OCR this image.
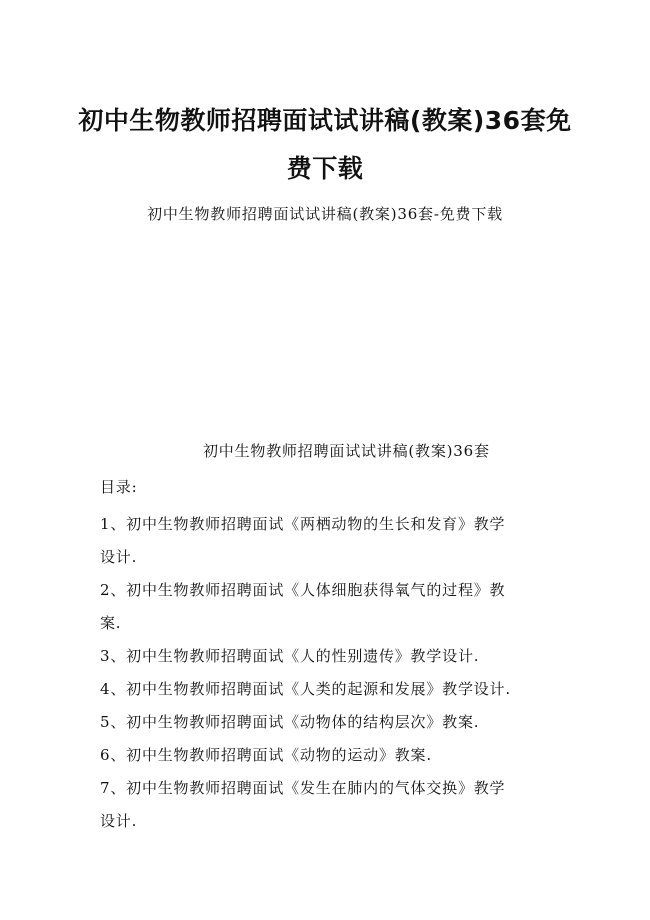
初中生物教师招聘面试试讲稿(教案)36套免
费下载

初中生物教师招聘面试试讲稿(教案)36套-免费下载

初中生物教师招聘面试试讲稿(教案)36套

目录:
1、初中生物教师招聘面试《两栖动物的生长和发育》教学
设计.
2、初中生物教师招聘面试《人体细胞获得氧气的过程》教
案.
3、初中生物教师招聘面试《人的性别遗传》教学设计.
4、初中生物教师招聘面试《人类的起源和发展》教学设计.
5、初中生物教师招聘面试《动物体的结构层次》教案.
6、初中生物教师招聘面试《动物的运动》教案.
7、初中生物教师招聘面试《发生在肺内的气体交换》教学
设计.
